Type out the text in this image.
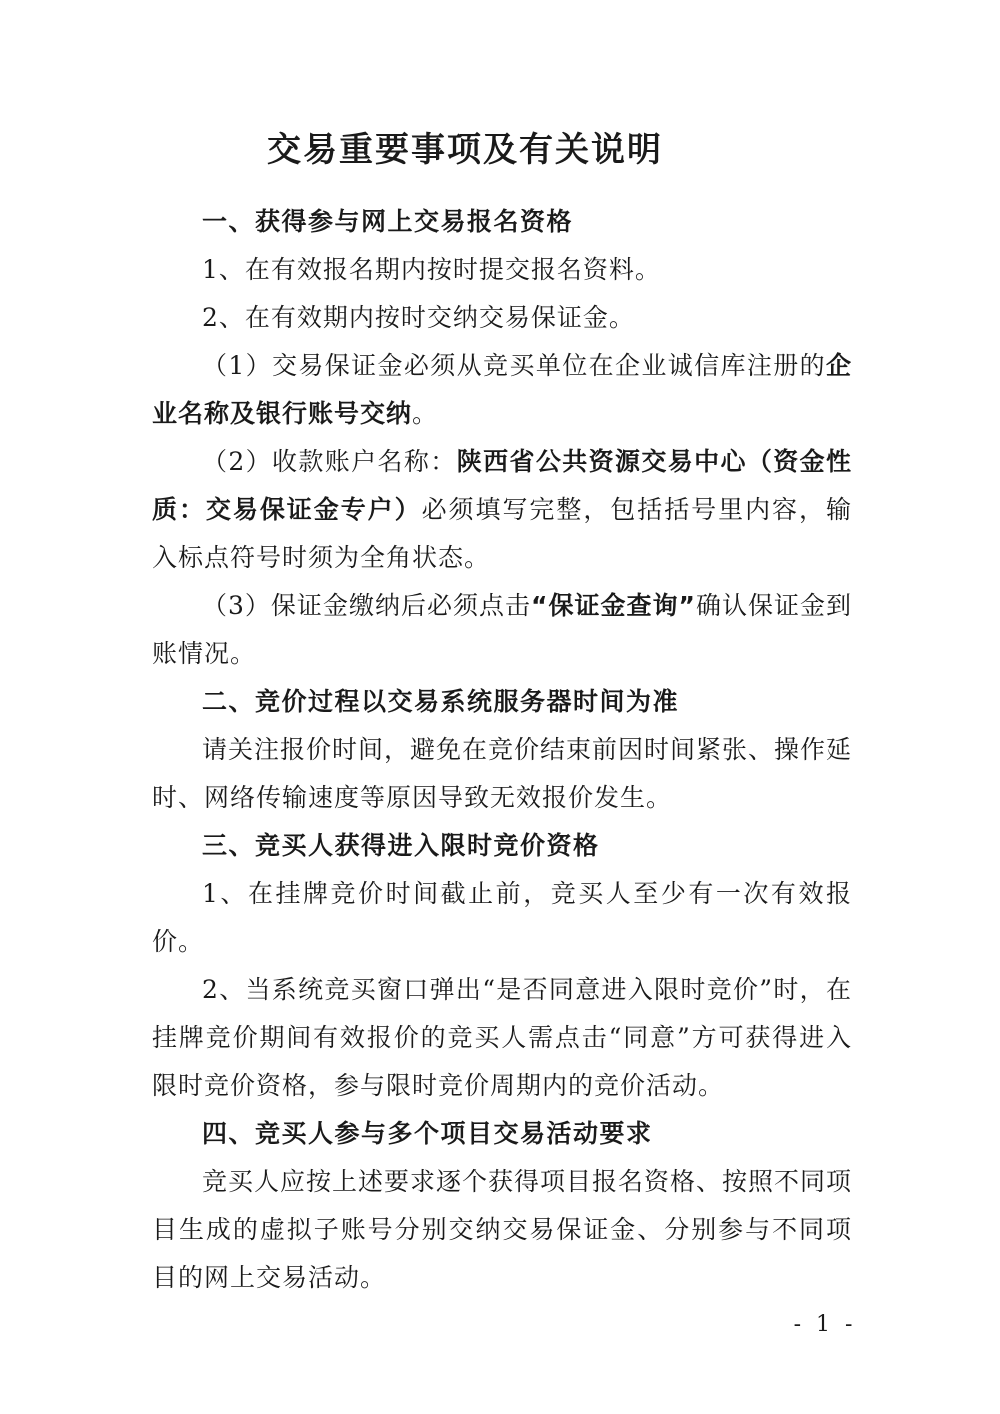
交易重要事项及有关说明

一、获得参与网上交易报名资格

1、在有效报名期内按时提交报名资料。

2、在有效期内按时交纳交易保证金。

（1）交易保证金必须从竞买单位在企业诚信库注册的企业名称及银行账号交纳。

（2）收款账户名称：陕西省公共资源交易中心（资金性质：交易保证金专户）必须填写完整，包括括号里内容，输入标点符号时须为全角状态。

（3）保证金缴纳后必须点击“保证金查询”确认保证金到账情况。

二、竞价过程以交易系统服务器时间为准

请关注报价时间，避免在竞价结束前因时间紧张、操作延时、网络传输速度等原因导致无效报价发生。

三、竞买人获得进入限时竞价资格

1、在挂牌竞价时间截止前，竞买人至少有一次有效报价。

2、当系统竞买窗口弹出“是否同意进入限时竞价”时，在挂牌竞价期间有效报价的竞买人需点击“同意”方可获得进入限时竞价资格，参与限时竞价周期内的竞价活动。

四、竞买人参与多个项目交易活动要求

竞买人应按上述要求逐个获得项目报名资格、按照不同项目生成的虚拟子账号分别交纳交易保证金、分别参与不同项目的网上交易活动。

- 1 -
